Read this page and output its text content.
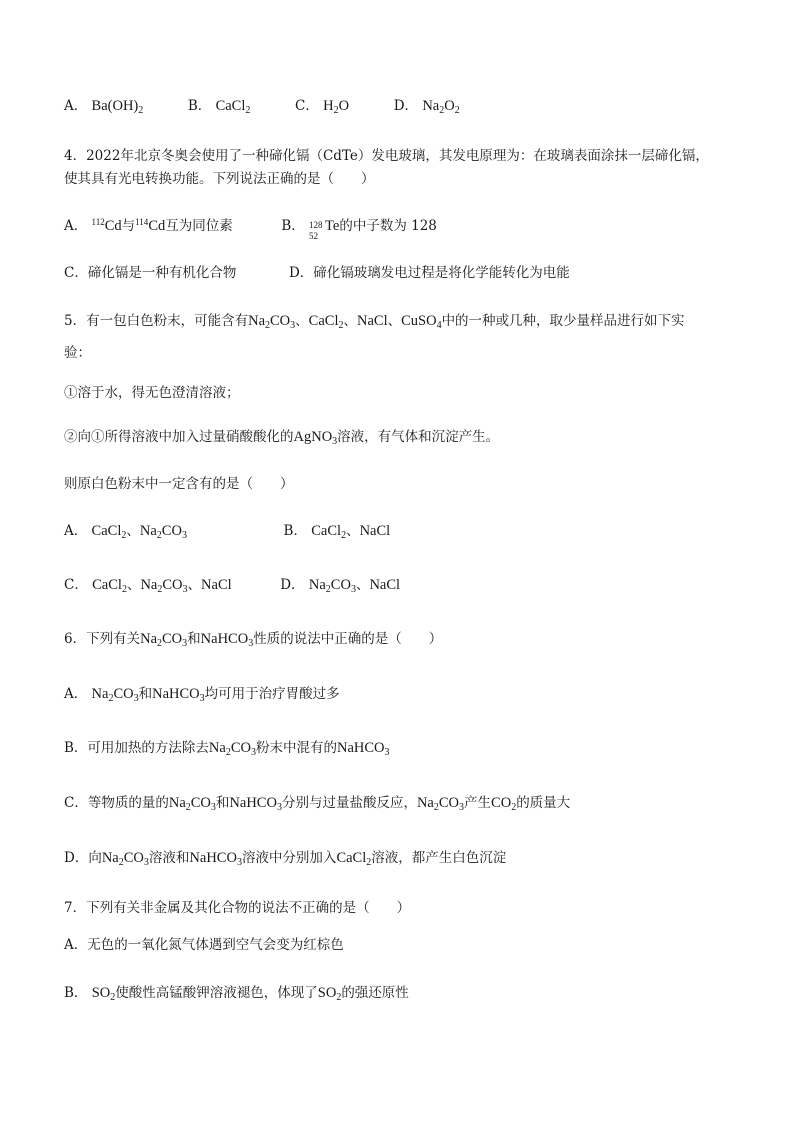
A． $Ba(OH)_2$	B． CaCl$_2$	C． $H_2O$	D． $Na_2O_2$
4．2022年北京冬奥会使用了一种碲化镉（CdTe）发电玻璃，其发电原理为：在玻璃表面涂抹一层碲化镉，
使其具有光电转换功能。下列说法正确的是（　　）
A． $^{112}$Cd与$^{114}$Cd互为同位素	B． 128
52
Te的中子数为 128
C．碲化镉是一种有机化合物	D．碲化镉玻璃发电过程是将化学能转化为电能
5．有一包白色粉末，可能含有$Na_2CO_3$、CaCl$_2$、NaCl、CuSO$_4$中的一种或几种，取少量样品进行如下实
验：
①溶于水，得无色澄清溶液；
②向①所得溶液中加入过量硝酸酸化的AgNO$_3$溶液，有气体和沉淀产生。
则原白色粉末中一定含有的是（　　）
A． CaCl$_2$、$Na_2CO_3$	B． CaCl$_2$、NaCl
C． CaCl$_2$、$Na_2CO_3$、NaCl	D． $Na_2CO_3$、NaCl
6．下列有关$Na_2CO_3$和NaHCO$_3$性质的说法中正确的是（　　）
A． $Na_2CO_3$和NaHCO$_3$均可用于治疗胃酸过多
B．可用加热的方法除去$Na_2CO_3$粉末中混有的NaHCO$_3$
C．等物质的量的$Na_2CO_3$和NaHCO$_3$分别与过量盐酸反应，$Na_2CO_3$产生$CO_2$的质量大
D．向$Na_2CO_3$溶液和NaHCO$_3$溶液中分别加入CaCl$_2$溶液，都产生白色沉淀
7．下列有关非金属及其化合物的说法不正确的是（　　）
A．无色的一氧化氮气体遇到空气会变为红棕色
B． $SO_2$使酸性高锰酸钾溶液褪色，体现了$SO_2$的强还原性
